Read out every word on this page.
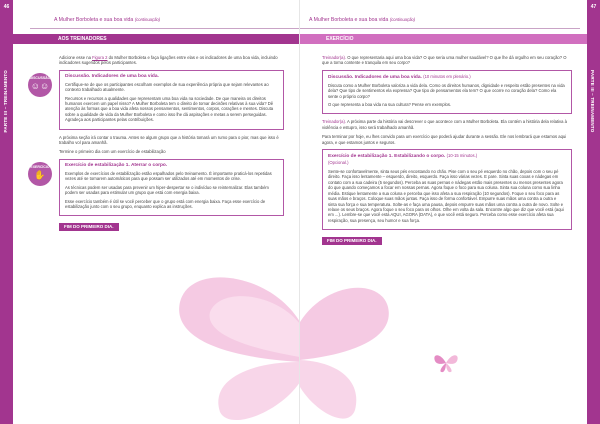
46
PARTE III – TREINAMENTO
A Mulher Borboleta e sua boa vida (continuação)
AOS TREINADORES

Adicione esse na Figura 2 do Mulher Borboleta e faça ligações entre elas e os indicadores de uma boa vida, incluindo indicadores sugeridos pelos participantes.

DISCUSSÃO
☺☺
Discussão. Indicadores de uma boa vida.

Certifique-se de que os participantes escolham exemplos de sua experiência própria que sejam relevantes ao contexto trabalhado atualmente.

Recursos e recursos a qualidades que representam uma boa vida na sociedade. De que maneira os direitos humanos exercem um papel nisso? A Mulher Borboleta tem o direito de tomar decisões relativas à sua vida? Dê atenção às formas que a boa vida afeta nossos pensamentos, sentimentos, corpos, corações e mentes. Discuta sobre a qualidade de vida da Mulher Borboleta e como isso lhe dá aspirações e metas a serem perseguidas. Agradeça aos participantes pelas contribuições.

A próxima seção irá contar o trauma. Antes se algum grupo que a história tomará um rumo para o pior, mas que isso é trabalho vol para amanhã.

Termine o primeiro dia com um exercício de estabilização

EXERCÍCIO
✋
Exercício de estabilização 1. Aterrar o corpo.

Exemplos de exercícios de estabilização estão espalhados pelo treinamento. É importante praticá-los repetidas vezes até se tornarem automáticos para que possam ser utilizados até em momentos de crise.

As técnicas podem ser usadas para prevenir um hiper-despertar se o indivíduo se reinternalizar. Elas também podem ser usadas para estimular um grupo que está com energia baixa.

Esse exercício também é útil se você perceber que o grupo está com energia baixa. Faça esse exercício de estabilização junto com o seu grupo, enquanto explica as instruções.

FIM DO PRIMEIRO DIA.
47
PARTE III – TREINAMENTO
A Mulher Borboleta e sua boa vida (continuação)
EXERCÍCIO

Treinador(a). O que representaria aqui uma boa vida? O que seria uma mulher saudável? O que lhe dá orgulho em seu coração? O que a torna contente e tranquila em seu corpo?

Discussão. Indicadores de uma boa vida. (10 minutos em plenário.)

Discuta como a Mulher Borboleta valoriza a vida dela. Como os direitos humanos, dignidade e respeito estão presentes na vida dela? Que tipo de sentimentos ela expressa? Que tipo de pensamentos ela tem? O que ocorre no coração dela? Como ela sente o próprio corpo?

O que representa a boa vida na sua cultura? Pense em exemplos.

Treinador(a). A próxima parte da história vai descrever o que acontece com a Mulher Borboleta. Ela contém a história dela relativa à violência e estupro, isso será trabalhado amanhã.

Para terminar por hoje, eu lhes convido para um exercício que poderá ajudar durante a sessão. Ele nos lembrará que estamos aqui agora, e que estamos juntos e seguros.

Exercício de estabilização 1. Estabilizando o corpo. (10-15 minutos.)
(Opcional.)

Sente-se confortavelmente, sinta seus pés encostando no chão. Pise com o seu pé esquerdo no chão, depois com o seu pé direito. Faça isso lentamente – esquerdo, direito, esquerdo. Faça isso várias vezes. E pare. Sinta suas coxas e nádegas em contato com a sua cadeira (5 segundos). Perceba as suas pernas e nádegas estão mais presentes ou menos presentes agora do que quando começamos a focar em nossas pernas. Agora foque o foco para sua coluna. Sinta sua coluna como sua linha média. Estique lentamente a sua coluna e perceba que isso afeta a sua respiração (10 segundos). Foque o seu foco para as suas mãos e braços. Coloque suas mãos juntas. Faça isso de forma confortável. Empurre suas mãos uma contra a outra e sinta sua força e sua temperatura. Solte-as e faça uma pausa, depois empurre suas mãos uma contra a outra de novo. Solte e relaxe os seus braços. Agora foque o seu foco para os olhos. Olhe em volta da sala. Encontre algo que diz que você está (aqui em ...). Lembre-se que você está AQUI, AGORA (DATA), e que você está seguro. Perceba como esse exercício afeta sua respiração, sua presença, seu humor e sua força.

FIM DO PRIMEIRO DIA.
